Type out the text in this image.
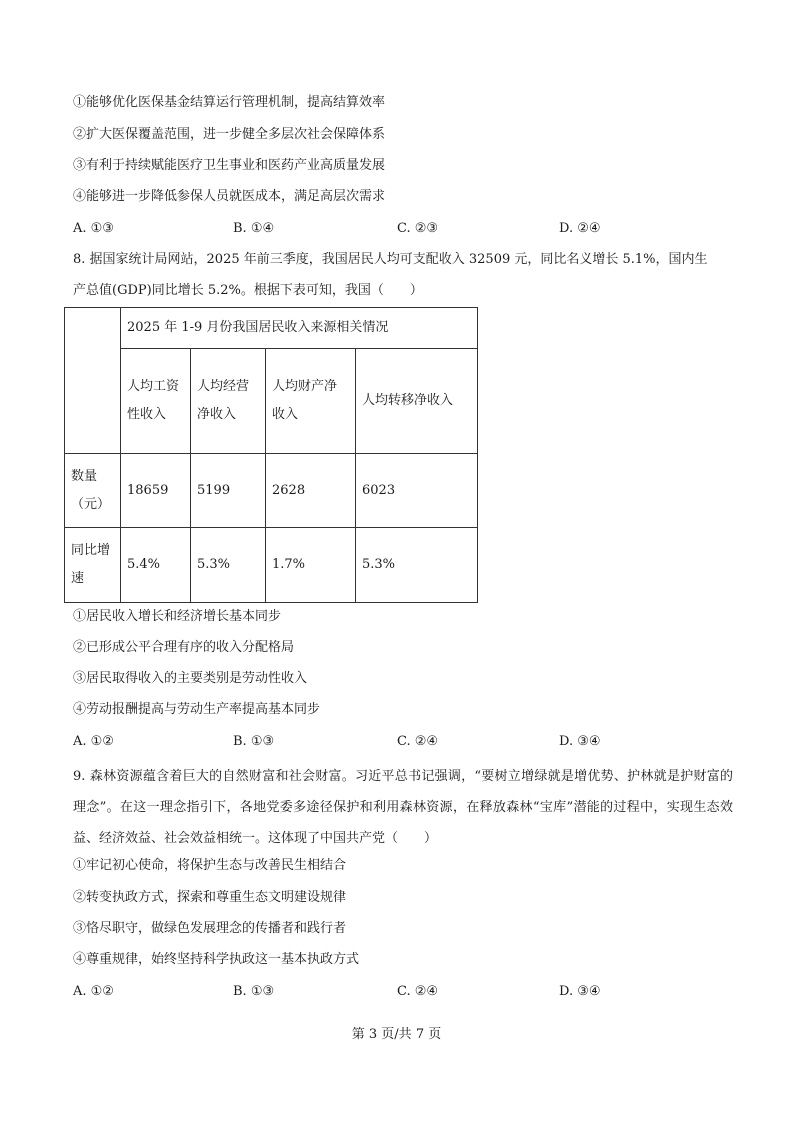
①能够优化医保基金结算运行管理机制，提高结算效率
②扩大医保覆盖范围，进一步健全多层次社会保障体系
③有利于持续赋能医疗卫生事业和医药产业高质量发展
④能够进一步降低参保人员就医成本，满足高层次需求
A. ①③	B. ①④	C. ②③	D. ②④
8. 据国家统计局网站，2025 年前三季度，我国居民人均可支配收入 32509 元，同比名义增长 5.1%，国内生
产总值(GDP)同比增长 5.2%。根据下表可知，我国（　　）
	2025 年 1-9 月份我国居民收入来源相关情况			
	人均工资性收入	人均经营净收入	人均财产净收入	人均转移净收入
数量（元）	18659	5199	2628	6023
同比增速	5.4%	5.3%	1.7%	5.3%
①居民收入增长和经济增长基本同步
②已形成公平合理有序的收入分配格局
③居民取得收入的主要类别是劳动性收入
④劳动报酬提高与劳动生产率提高基本同步
A. ①②	B. ①③	C. ②④	D. ③④
9. 森林资源蕴含着巨大的自然财富和社会财富。习近平总书记强调，“要树立增绿就是增优势、护林就是护财富的理念”。在这一理念指引下，各地党委多途径保护和利用森林资源，在释放森林“宝库”潜能的过程中，实现生态效益、经济效益、社会效益相统一。这体现了中国共产党（　　）
①牢记初心使命，将保护生态与改善民生相结合
②转变执政方式，探索和尊重生态文明建设规律
③恪尽职守，做绿色发展理念的传播者和践行者
④尊重规律，始终坚持科学执政这一基本执政方式
A. ①②	B. ①③	C. ②④	D. ③④
第 3 页/共 7 页
